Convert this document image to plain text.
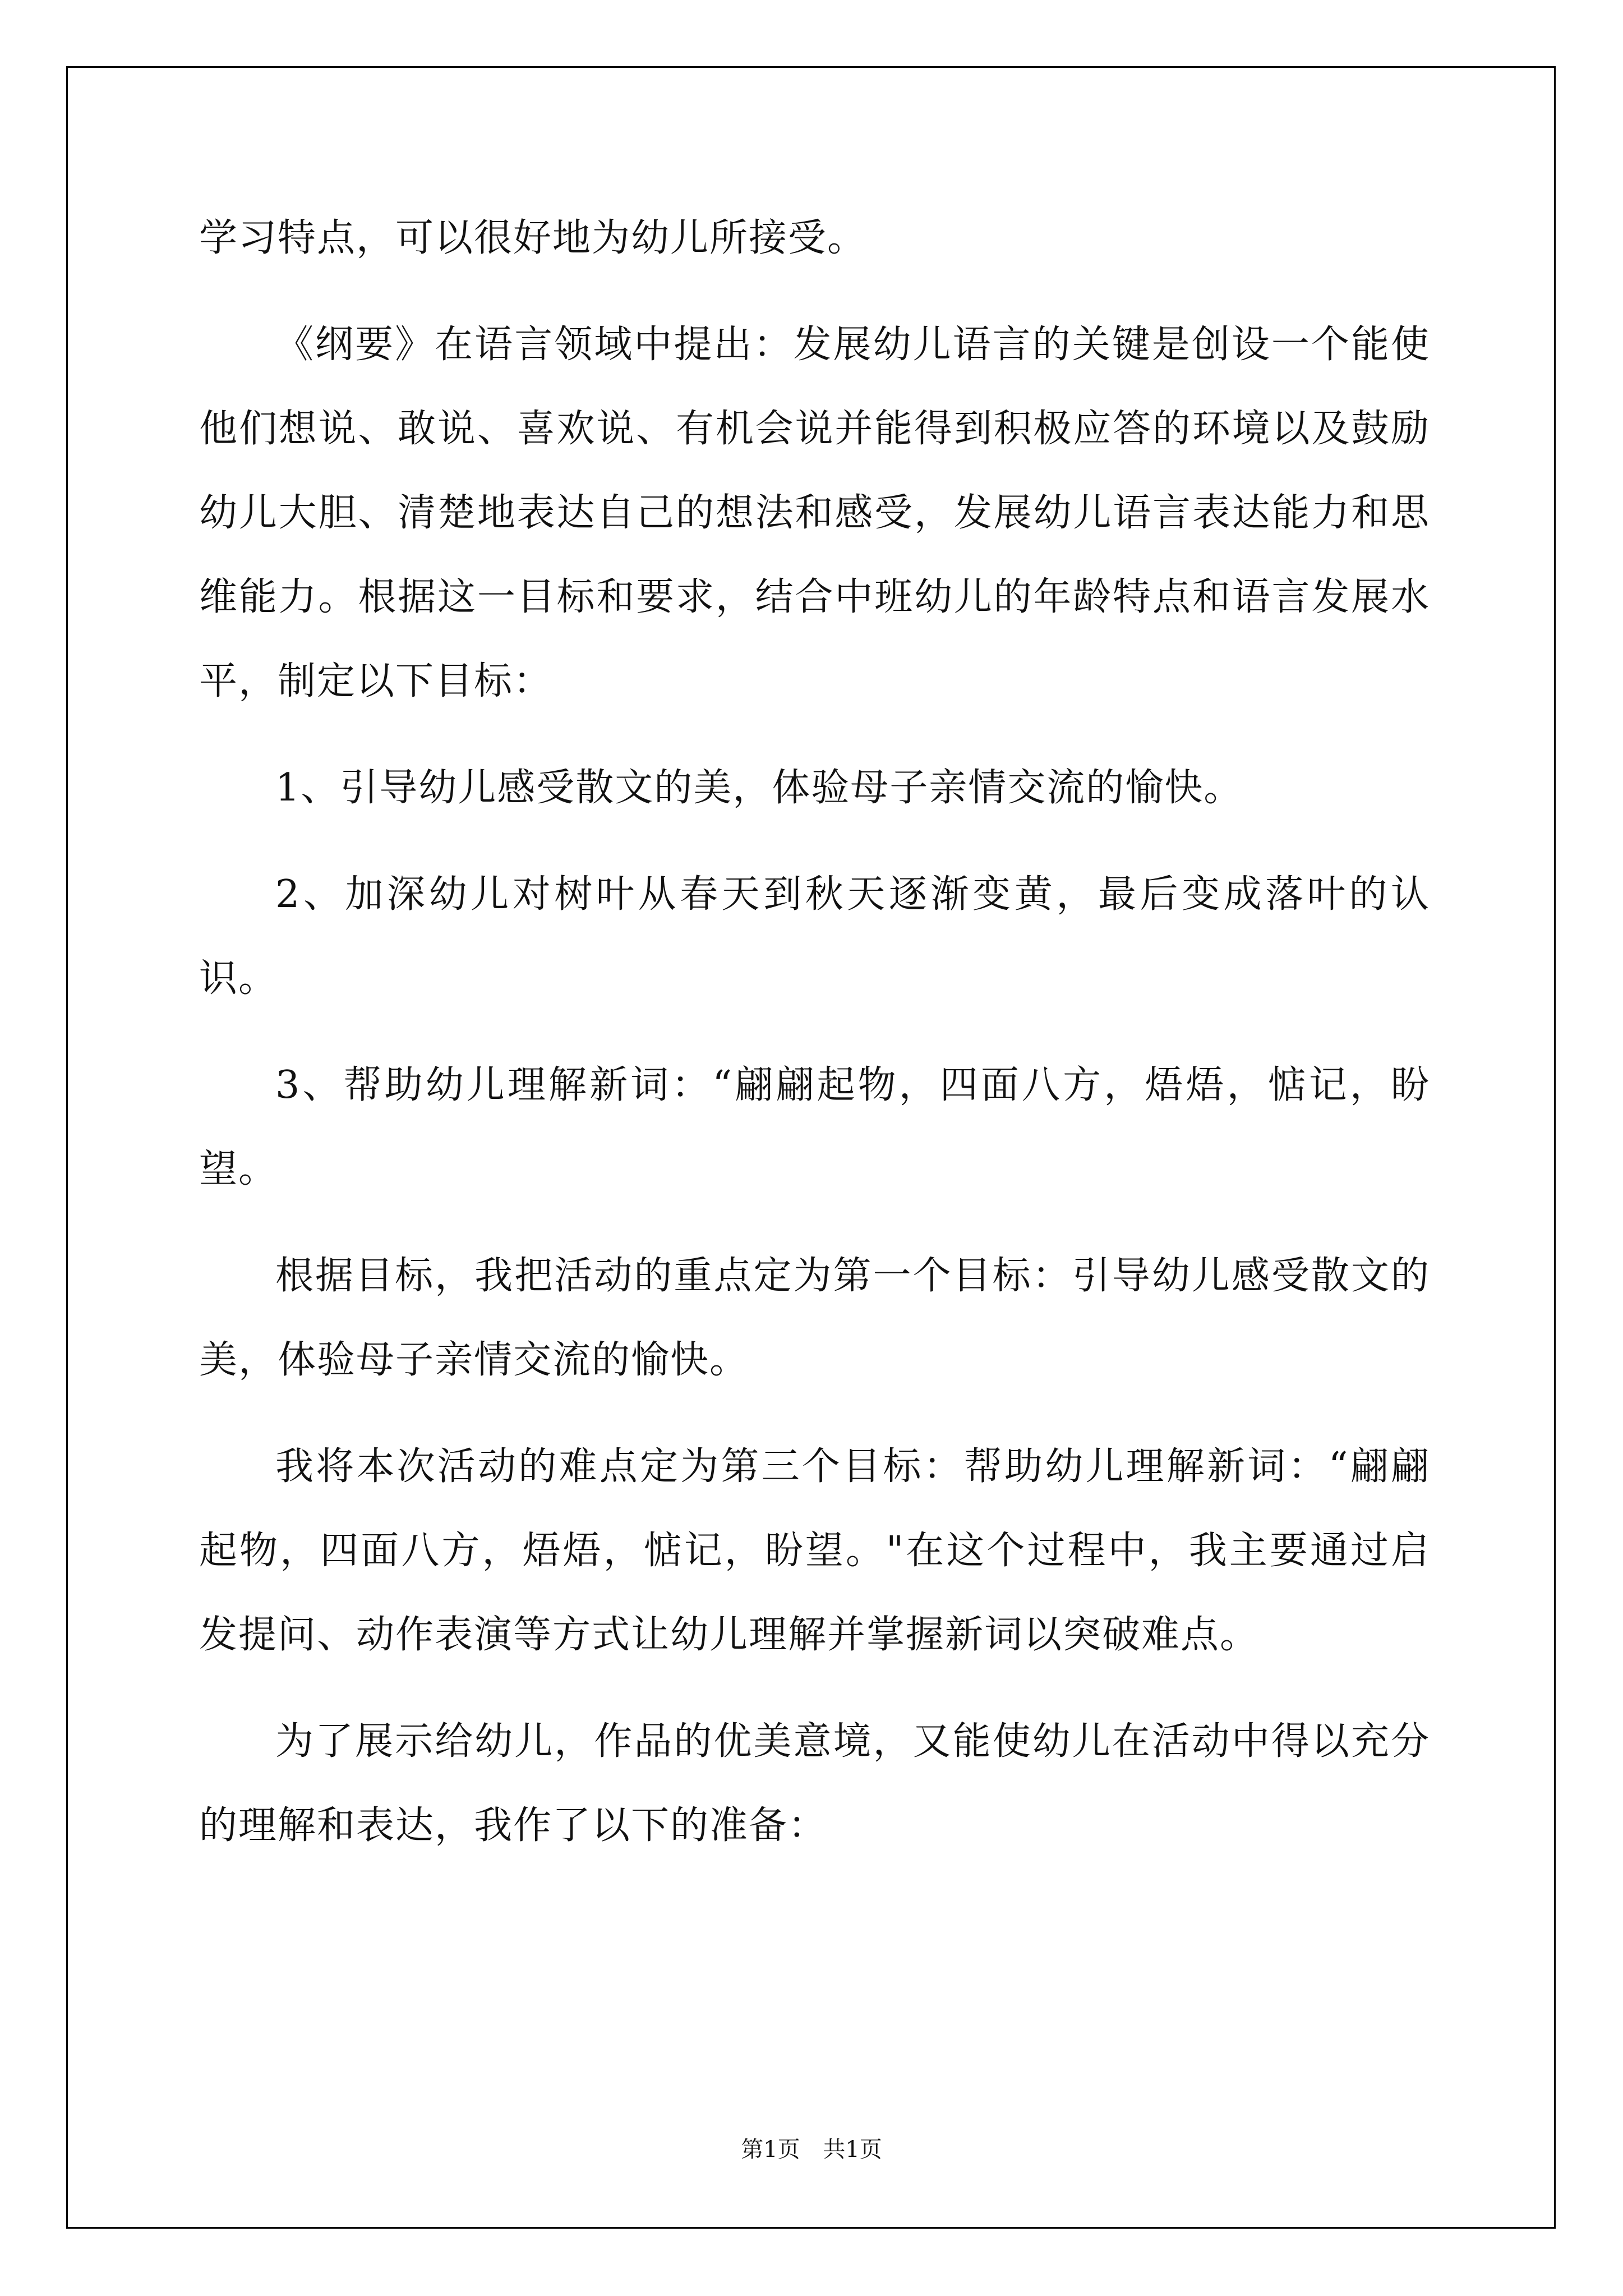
学习特点，可以很好地为幼儿所接受。

《纲要》在语言领域中提出：发展幼儿语言的关键是创设一个能使他们想说、敢说、喜欢说、有机会说并能得到积极应答的环境以及鼓励幼儿大胆、清楚地表达自己的想法和感受，发展幼儿语言表达能力和思维能力。根据这一目标和要求，结合中班幼儿的年龄特点和语言发展水平，制定以下目标：

1、引导幼儿感受散文的美，体验母子亲情交流的愉快。

2、加深幼儿对树叶从春天到秋天逐渐变黄，最后变成落叶的认识。

3、帮助幼儿理解新词：“翩翩起物，四面八方，焐焐，惦记，盼望。

根据目标，我把活动的重点定为第一个目标：引导幼儿感受散文的美，体验母子亲情交流的愉快。

我将本次活动的难点定为第三个目标：帮助幼儿理解新词：“翩翩起物，四面八方，焐焐，惦记，盼望。"在这个过程中，我主要通过启发提问、动作表演等方式让幼儿理解并掌握新词以突破难点。

为了展示给幼儿，作品的优美意境，又能使幼儿在活动中得以充分的理解和表达，我作了以下的准备：

第1页 共1页
